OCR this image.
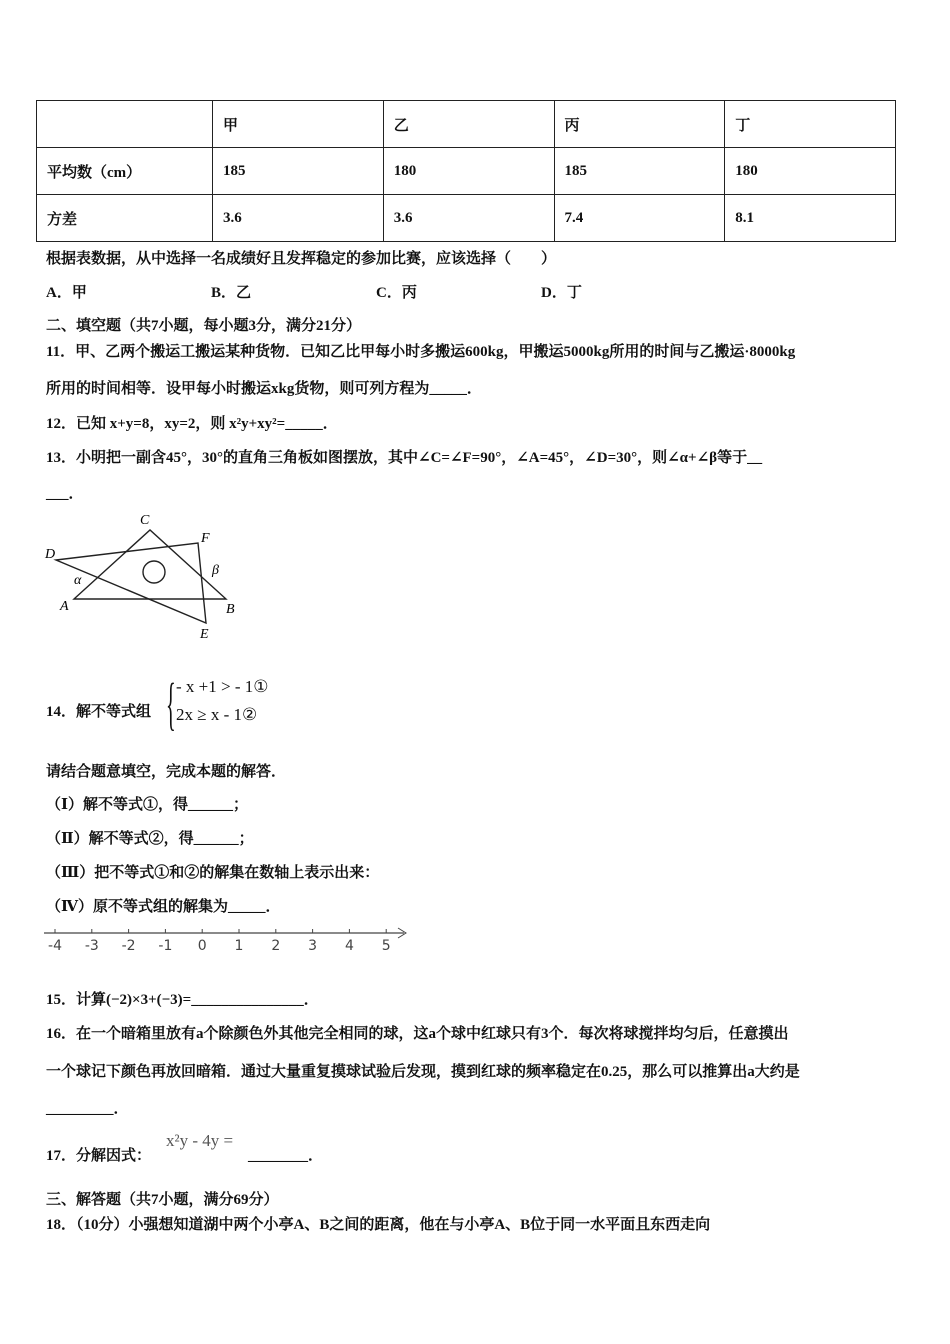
	甲	乙	丙	丁
平均数（cm）	185	180	185	180
方差	3.6	3.6	7.4	8.1
根据表数据，从中选择一名成绩好且发挥稳定的参加比赛，应该选择（　　）
A．甲	B．乙	C．丙	D．丁
二、填空题（共7小题，每小题3分，满分21分）
11．甲、乙两个搬运工搬运某种货物．已知乙比甲每小时多搬运600kg，甲搬运5000kg所用的时间与乙搬运·8000kg
所用的时间相等．设甲每小时搬运xkg货物，则可列方程为_____．
12．已知 x+y=8，xy=2，则 x²y+xy²=_____．
13．小明把一副含45°，30°的直角三角板如图摆放，其中∠C=∠F=90°，∠A=45°，∠D=30°，则∠α+∠β等于__
___．
C
F
D
α
β
A	B
E
14．解不等式组 { - x +1 > - 1①
2x ≥ x - 1②
请结合题意填空，完成本题的解答．
（Ⅰ）解不等式①，得______；
（Ⅱ）解不等式②，得______；
（Ⅲ）把不等式①和②的解集在数轴上表示出来：
（Ⅳ）原不等式组的解集为_____．
-4 -3 -2 -1 0 1 2 3 4 5
15．计算(−2)×3+(−3)=_______________．
16．在一个暗箱里放有a个除颜色外其他完全相同的球，这a个球中红球只有3个．每次将球搅拌均匀后，任意摸出
一个球记下颜色再放回暗箱．通过大量重复摸球试验后发现，摸到红球的频率稳定在0.25，那么可以推算出a大约是
_________．
17．分解因式：
x²y - 4y =
________．
三、解答题（共7小题，满分69分）
18．（10分）小强想知道湖中两个小亭A、B之间的距离，他在与小亭A、B位于同一水平面且东西走向
